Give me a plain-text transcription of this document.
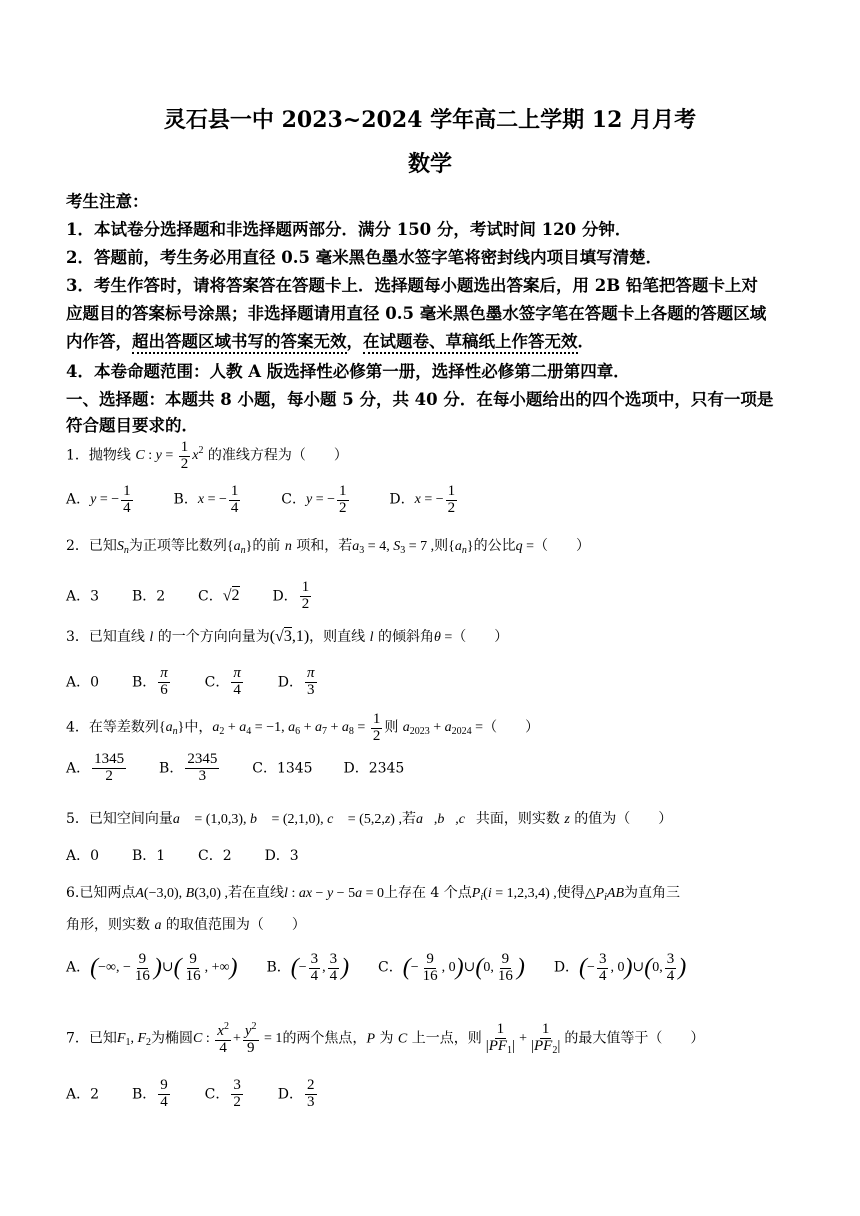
灵石县一中 2023~2024 学年高二上学期 12 月月考
数学
考生注意：
1．本试卷分选择题和非选择题两部分．满分 150 分，考试时间 120 分钟．
2．答题前，考生务必用直径 0.5 毫米黑色墨水签字笔将密封线内项目填写清楚．
3．考生作答时，请将答案答在答题卡上．选择题每小题选出答案后，用 2B 铅笔把答题卡上对
应题目的答案标号涂黑；非选择题请用直径 0.5 毫米黑色墨水签字笔在答题卡上各题的答题区域
内作答，超出答题区域书写的答案无效，在试题卷、草稿纸上作答无效．
4．本卷命题范围：人教 A 版选择性必修第一册，选择性必修第二册第四章．
一、选择题：本题共 8 小题，每小题 5 分，共 40 分．在每小题给出的四个选项中，只有一项是
符合题目要求的．
1．抛物线 C : $y = \frac{1}{2} x^2$ 的准线方程为（　　）
A．y = − $\frac{1}{4}$	B．x = − $\frac{1}{4}$	C．y = − $\frac{1}{2}$	D．x = − $\frac{1}{2}$
2．已知$S_n$为正项等比数列$\{a_n\}$的前 n 项和，若$a_3 = 4$, $S_3 = 7$ ,则$\{a_n\}$的公比q =（　　）
A．3 B．2 C．√2 D． $\frac{1}{2}$
3．已知直线 l 的一个方向向量为(√3,1)，则直线 l 的倾斜角θ =（　　）
A．0 B． $\frac{\pi}{6}$ C． $\frac{\pi}{4}$ D． $\frac{\pi}{3}$
4．在等差数列$\{a_n\}$中，$a_2 + a_4 = -1$, $a_6 + a_7 + a_8 = \frac{1}{2}$ 则 $a_{2023} + a_{2024}$ =（　　）
A． $\frac{1345}{2}$ B． $\frac{2345}{3}$ C．1345 D．2345
5．已知空间向量a⃗ = (1,0,3), b⃗ = (2,1,0), c⃗ = (5,2,z) ,若a⃗,b⃗,c⃗共面，则实数 z 的值为（　　）
A．0 B．1 C．2 D．3
6.已知两点A(−3,0), B(3,0) ,若在直线l : ax − y − 5a = 0上存在 4 个点$P_i(i = 1,2,3,4)$ ,使得$\triangle P_iAB$为直角三
角形，则实数 a 的取值范围为（　　）
A．(−∞, − $\frac{9}{16}$ )∪( $\frac{9}{16}$ , +∞) B．(− $\frac{3}{4}$ , $\frac{3}{4}$ ) C．(− $\frac{9}{16}$ , 0)∪(0, $\frac{9}{16}$ ) D．(− $\frac{3}{4}$ , 0)∪(0, $\frac{3}{4}$ )
7．已知$F_1$, $F_2$为椭圆C : $\frac{x^2}{4} + \frac{y^2}{9} = 1$的两个焦点，P 为 C 上一点，则 $\frac{1}{|PF_1|} + \frac{1}{|PF_2|}$ 的最大值等于（　　）
A．2 B． $\frac{9}{4}$ C． $\frac{3}{2}$ D． $\frac{2}{3}$
